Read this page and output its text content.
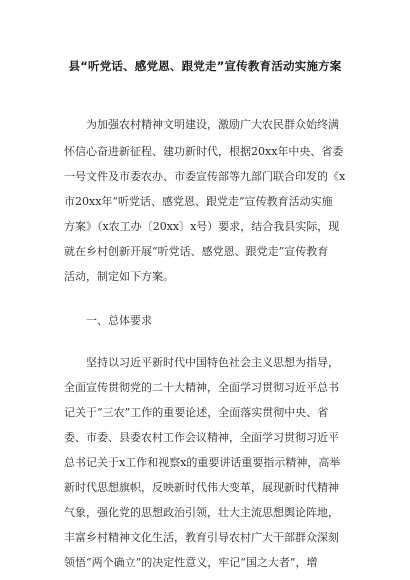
县“听党话、感党恩、跟党走”宣传教育活动实施方案
为加强农村精神文明建设，激励广大农民群众始终满
怀信心奋进新征程、建功新时代，根据20xx年中央、省委
一号文件及市委农办、市委宣传部等九部门联合印发的《x
市20xx年“听党话、感党恩、跟党走”宣传教育活动实施
方案》（x农工办〔20xx〕x号）要求，结合我县实际，现
就在乡村创新开展“听党话、感党恩、跟党走”宣传教育
活动，制定如下方案。
一、总体要求
坚持以习近平新时代中国特色社会主义思想为指导，
全面宣传贯彻党的二十大精神，全面学习贯彻习近平总书
记关于“三农”工作的重要论述，全面落实贯彻中央、省
委、市委、县委农村工作会议精神，全面学习贯彻习近平
总书记关于x工作和视察x的重要讲话重要指示精神，高举
新时代思想旗帜，反映新时代伟大变革，展现新时代精神
气象，强化党的思想政治引领，壮大主流思想舆论阵地，
丰富乡村精神文化生活，教育引导农村广大干部群众深刻
领悟“两个确立”的决定性意义，牢记“国之大者”，增
